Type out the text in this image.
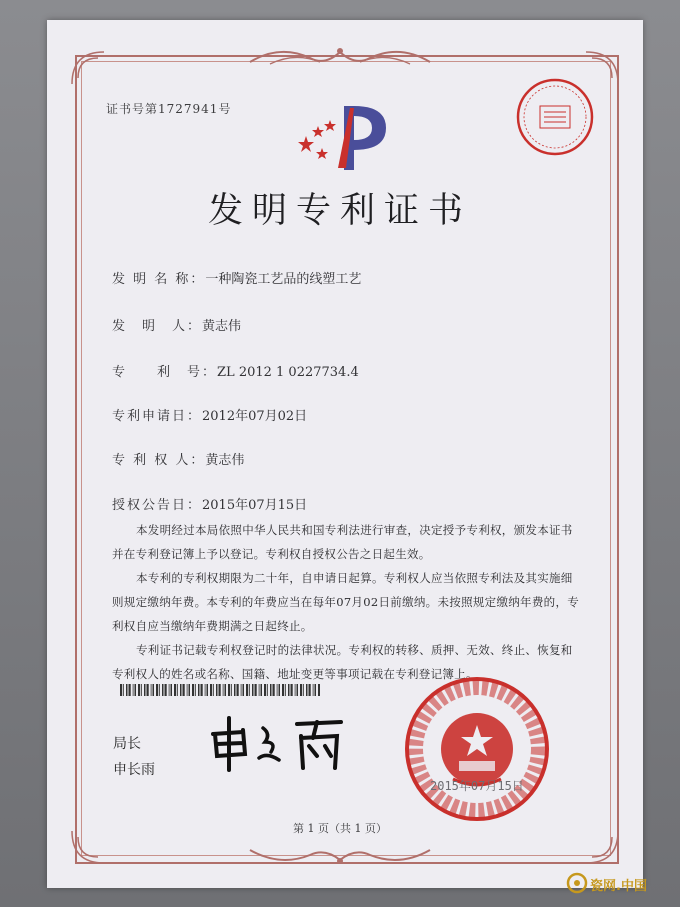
证书号第1727941号
发明专利证书
发 明 名 称：一种陶瓷工艺品的线塑工艺
发　明　人：黄志伟
专　　利　号：ZL 2012 1 0227734.4
专利申请日：2012年07月02日
专 利 权 人：黄志伟
授权公告日：2015年07月15日
本发明经过本局依照中华人民共和国专利法进行审查，决定授予专利权，颁发本证书并在专利登记簿上予以登记。专利权自授权公告之日起生效。
本专利的专利权期限为二十年，自申请日起算。专利权人应当依照专利法及其实施细则规定缴纳年费。本专利的年费应当在每年07月02日前缴纳。未按照规定缴纳年费的，专利权自应当缴纳年费期满之日起终止。
专利证书记载专利权登记时的法律状况。专利权的转移、质押、无效、终止、恢复和专利权人的姓名或名称、国籍、地址变更等事项记载在专利登记簿上。
局长
申长雨
2015年07月15日
第 1 页（共 1 页）
瓷网.中国
